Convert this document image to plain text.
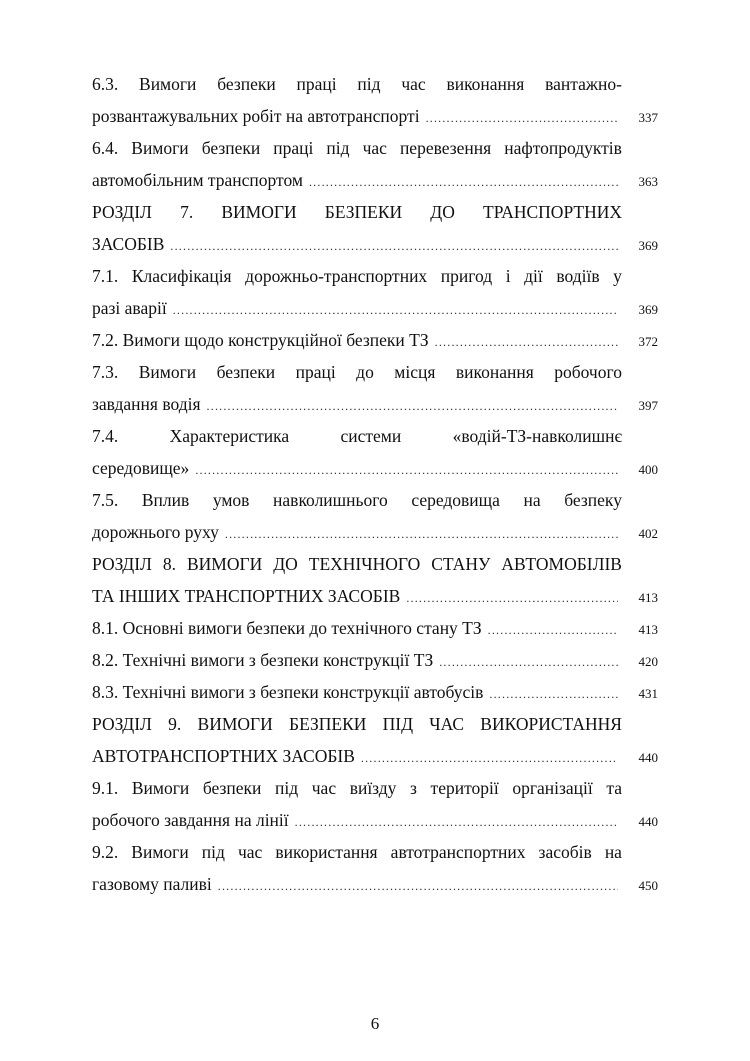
6.3. Вимоги безпеки праці під час виконання вантажно-
розвантажувальних робіт на автотранспорті .....	337
6.4. Вимоги безпеки праці під час перевезення нафтопродуктів
автомобільним транспортом .....	363
РОЗДІЛ 7. ВИМОГИ БЕЗПЕКИ ДО ТРАНСПОРТНИХ
ЗАСОБІВ .....	369
7.1. Класифікація дорожньо-транспортних пригод і дії водіїв у
разі аварії .....	369
7.2. Вимоги щодо конструкційної безпеки ТЗ .....	372
7.3. Вимоги безпеки праці до місця виконання робочого
завдання водія .....	397
7.4.	Характеристика	системи	«водій-ТЗ-навколишнє
середовище» .....	400
7.5. Вплив умов навколишнього середовища на безпеку
дорожнього руху .....	402
РОЗДІЛ 8. ВИМОГИ ДО ТЕХНІЧНОГО СТАНУ АВТОМОБІЛІВ
ТА ІНШИХ ТРАНСПОРТНИХ ЗАСОБІВ .....	413
8.1. Основні вимоги безпеки до технічного стану ТЗ .....	413
8.2. Технічні вимоги з безпеки конструкції ТЗ .....	420
8.3. Технічні вимоги з безпеки конструкції автобусів .....	431
РОЗДІЛ 9. ВИМОГИ БЕЗПЕКИ ПІД ЧАС ВИКОРИСТАННЯ
АВТОТРАНСПОРТНИХ ЗАСОБІВ .....	440
9.1. Вимоги безпеки під час виїзду з території організації та
робочого завдання на лінії .....	440
9.2. Вимоги під час використання автотранспортних засобів на
газовому паливі .....	450
6
